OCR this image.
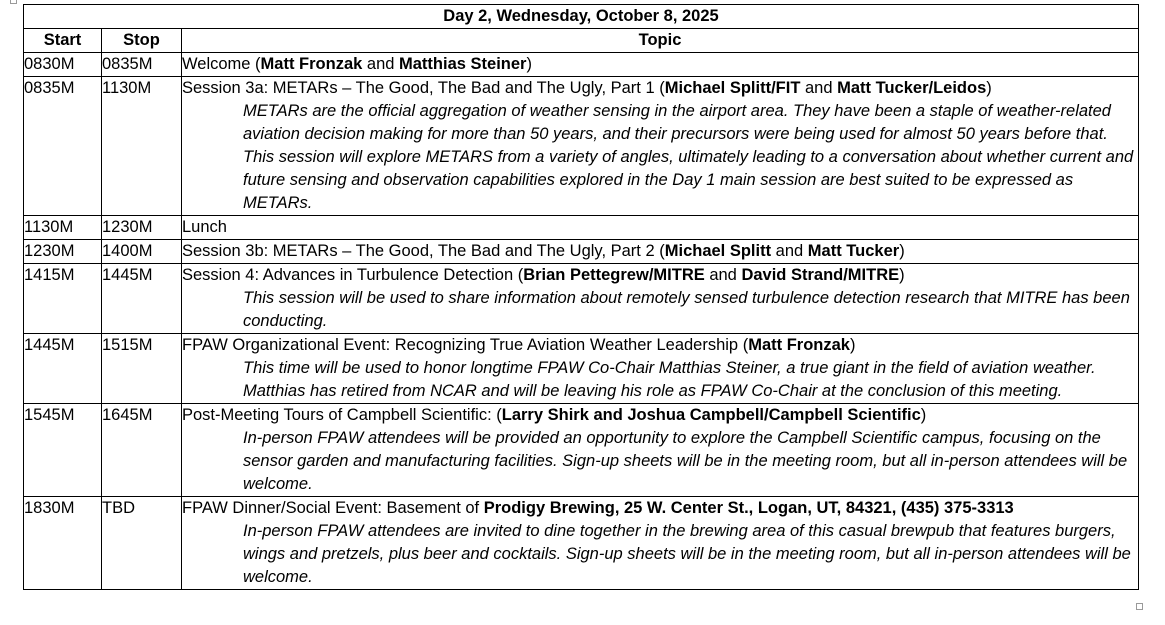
Day 2, Wednesday, October 8, 2025		
Start	Stop	Topic
0830M	0835M	Welcome (Matt Fronzak and Matthias Steiner)

0835M	1130M	Session 3a: METARs – The Good, The Bad and The Ugly, Part 1 (Michael Splitt/FIT and Matt Tucker/Leidos)
METARs are the official aggregation of weather sensing in the airport area. They have been a staple of weather-related aviation decision making for more than 50 years, and their precursors were being used for almost 50 years before that. This session will explore METARS from a variety of angles, ultimately leading to a conversation about whether current and future sensing and observation capabilities explored in the Day 1 main session are best suited to be expressed as METARs.

1130M	1230M	Lunch

1230M	1400M	Session 3b: METARs – The Good, The Bad and The Ugly, Part 2 (Michael Splitt and Matt Tucker)

1415M	1445M	Session 4: Advances in Turbulence Detection (Brian Pettegrew/MITRE and David Strand/MITRE)
This session will be used to share information about remotely sensed turbulence detection research that MITRE has been conducting.

1445M	1515M	FPAW Organizational Event: Recognizing True Aviation Weather Leadership (Matt Fronzak)
This time will be used to honor longtime FPAW Co-Chair Matthias Steiner, a true giant in the field of aviation weather. Matthias has retired from NCAR and will be leaving his role as FPAW Co-Chair at the conclusion of this meeting.

1545M	1645M	Post-Meeting Tours of Campbell Scientific: (Larry Shirk and Joshua Campbell/Campbell Scientific)
In-person FPAW attendees will be provided an opportunity to explore the Campbell Scientific campus, focusing on the sensor garden and manufacturing facilities. Sign-up sheets will be in the meeting room, but all in-person attendees will be welcome.

1830M	TBD	FPAW Dinner/Social Event: Basement of Prodigy Brewing, 25 W. Center St., Logan, UT, 84321, (435) 375-3313
In-person FPAW attendees are invited to dine together in the brewing area of this casual brewpub that features burgers, wings and pretzels, plus beer and cocktails. Sign-up sheets will be in the meeting room, but all in-person attendees will be welcome.
